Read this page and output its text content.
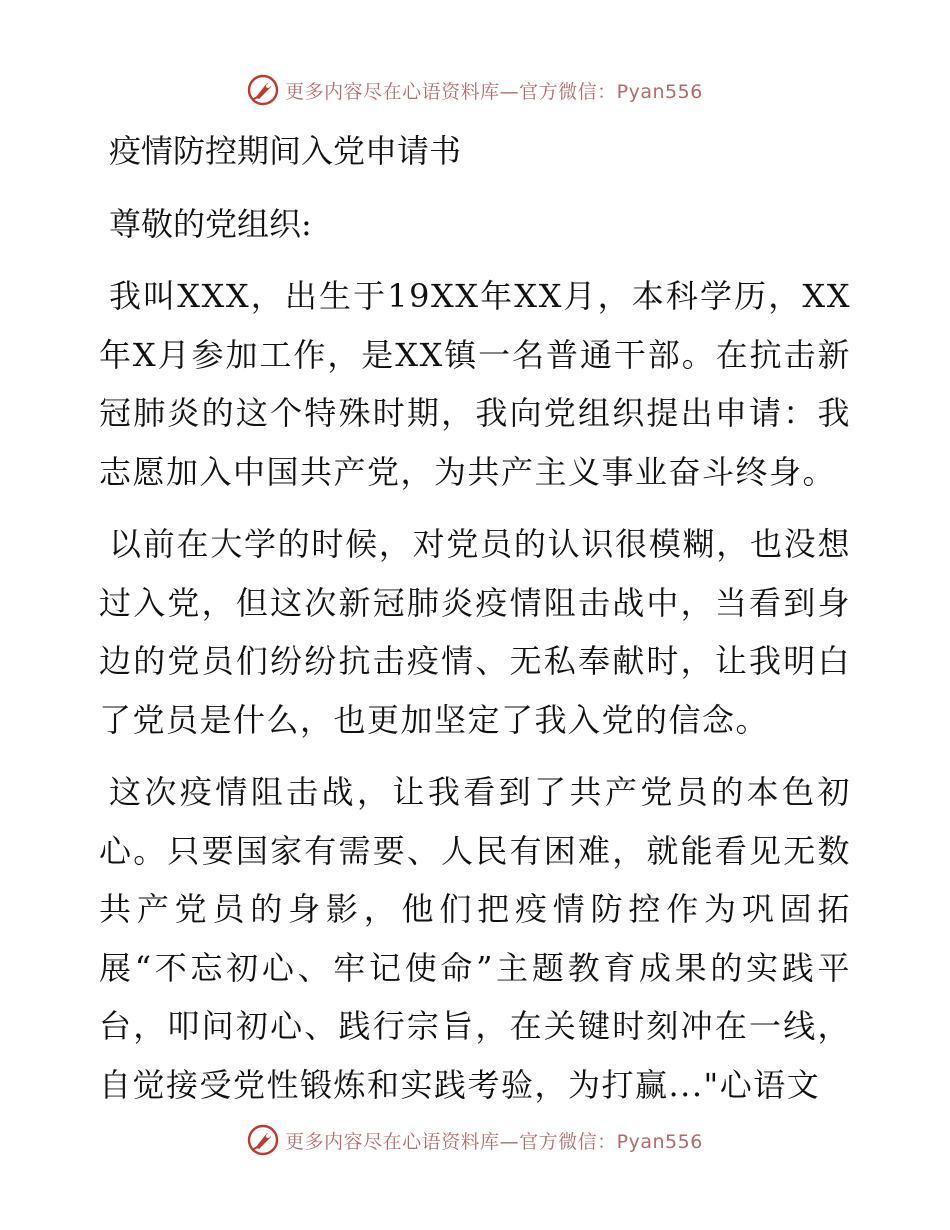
更多内容尽在心语资料库—官方微信：Pyan556

疫情防控期间入党申请书

尊敬的党组织:

我叫XXX，出生于19XX年XX月，本科学历，XX年X月参加工作，是XX镇一名普通干部。在抗击新冠肺炎的这个特殊时期，我向党组织提出申请：我志愿加入中国共产党，为共产主义事业奋斗终身。

以前在大学的时候，对党员的认识很模糊，也没想过入党，但这次新冠肺炎疫情阻击战中，当看到身边的党员们纷纷抗击疫情、无私奉献时，让我明白了党员是什么，也更加坚定了我入党的信念。

这次疫情阻击战，让我看到了共产党员的本色初心。只要国家有需要、人民有困难，就能看见无数共产党员的身影，他们把疫情防控作为巩固拓展“不忘初心、牢记使命”主题教育成果的实践平台，叩问初心、践行宗旨，在关键时刻冲在一线，自觉接受党性锻炼和实践考验，为打赢..."心语文

更多内容尽在心语资料库—官方微信：Pyan556
